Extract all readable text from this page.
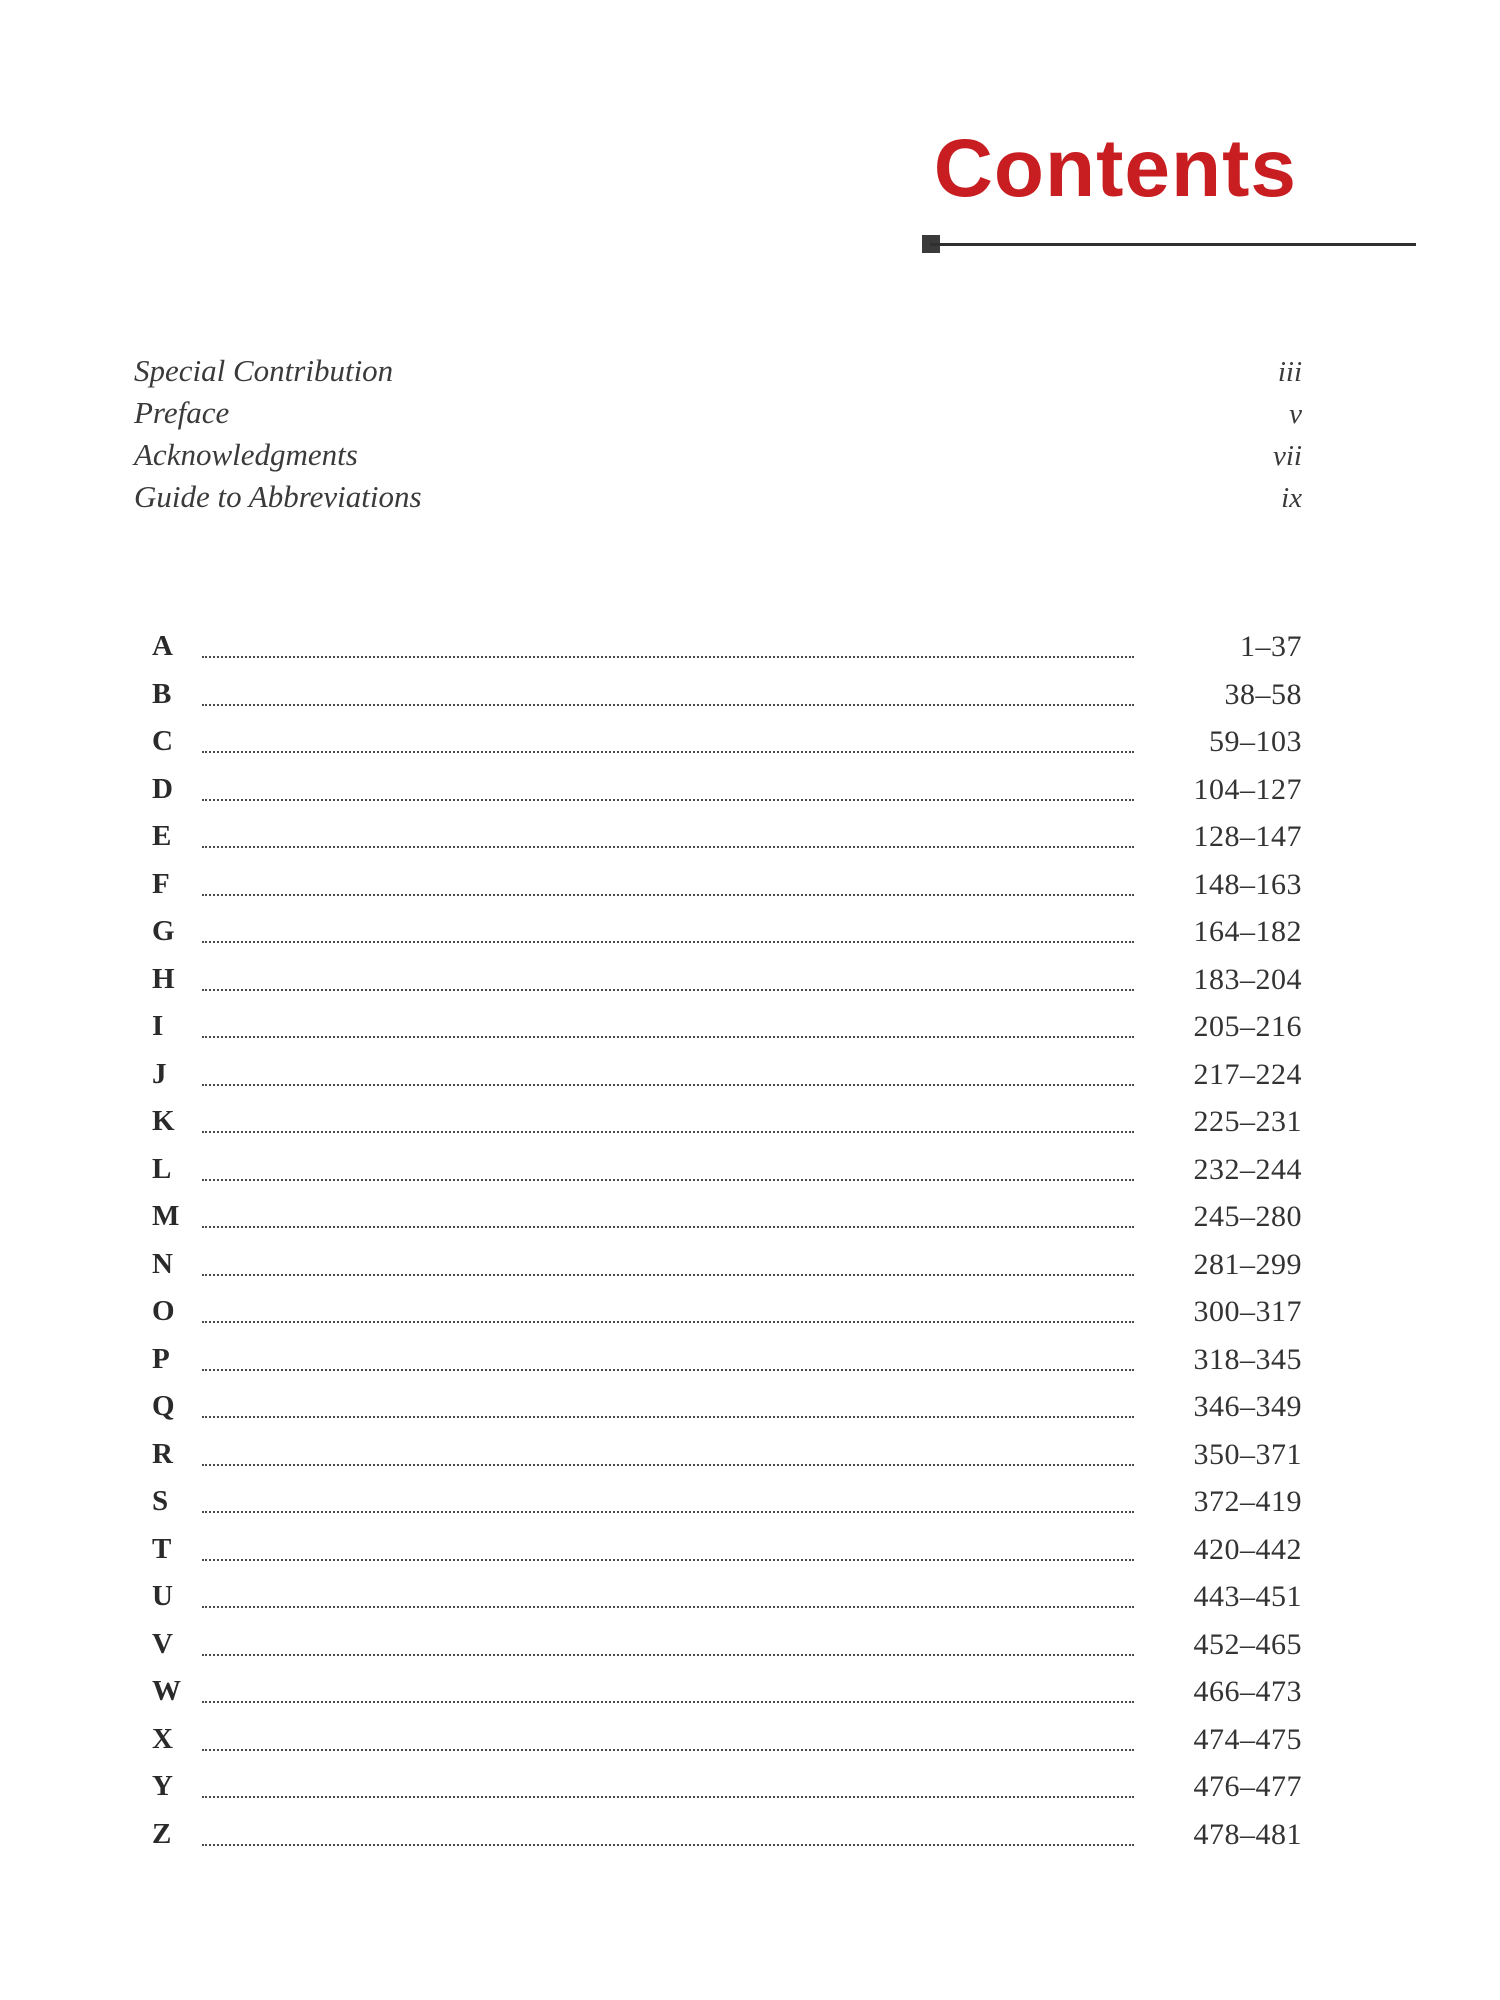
Contents
Special Contribution	iii
Preface	v
Acknowledgments	vii
Guide to Abbreviations	ix
A	1–37
B	38–58
C	59–103
D	104–127
E	128–147
F	148–163
G	164–182
H	183–204
I	205–216
J	217–224
K	225–231
L	232–244
M	245–280
N	281–299
O	300–317
P	318–345
Q	346–349
R	350–371
S	372–419
T	420–442
U	443–451
V	452–465
W	466–473
X	474–475
Y	476–477
Z	478–481
